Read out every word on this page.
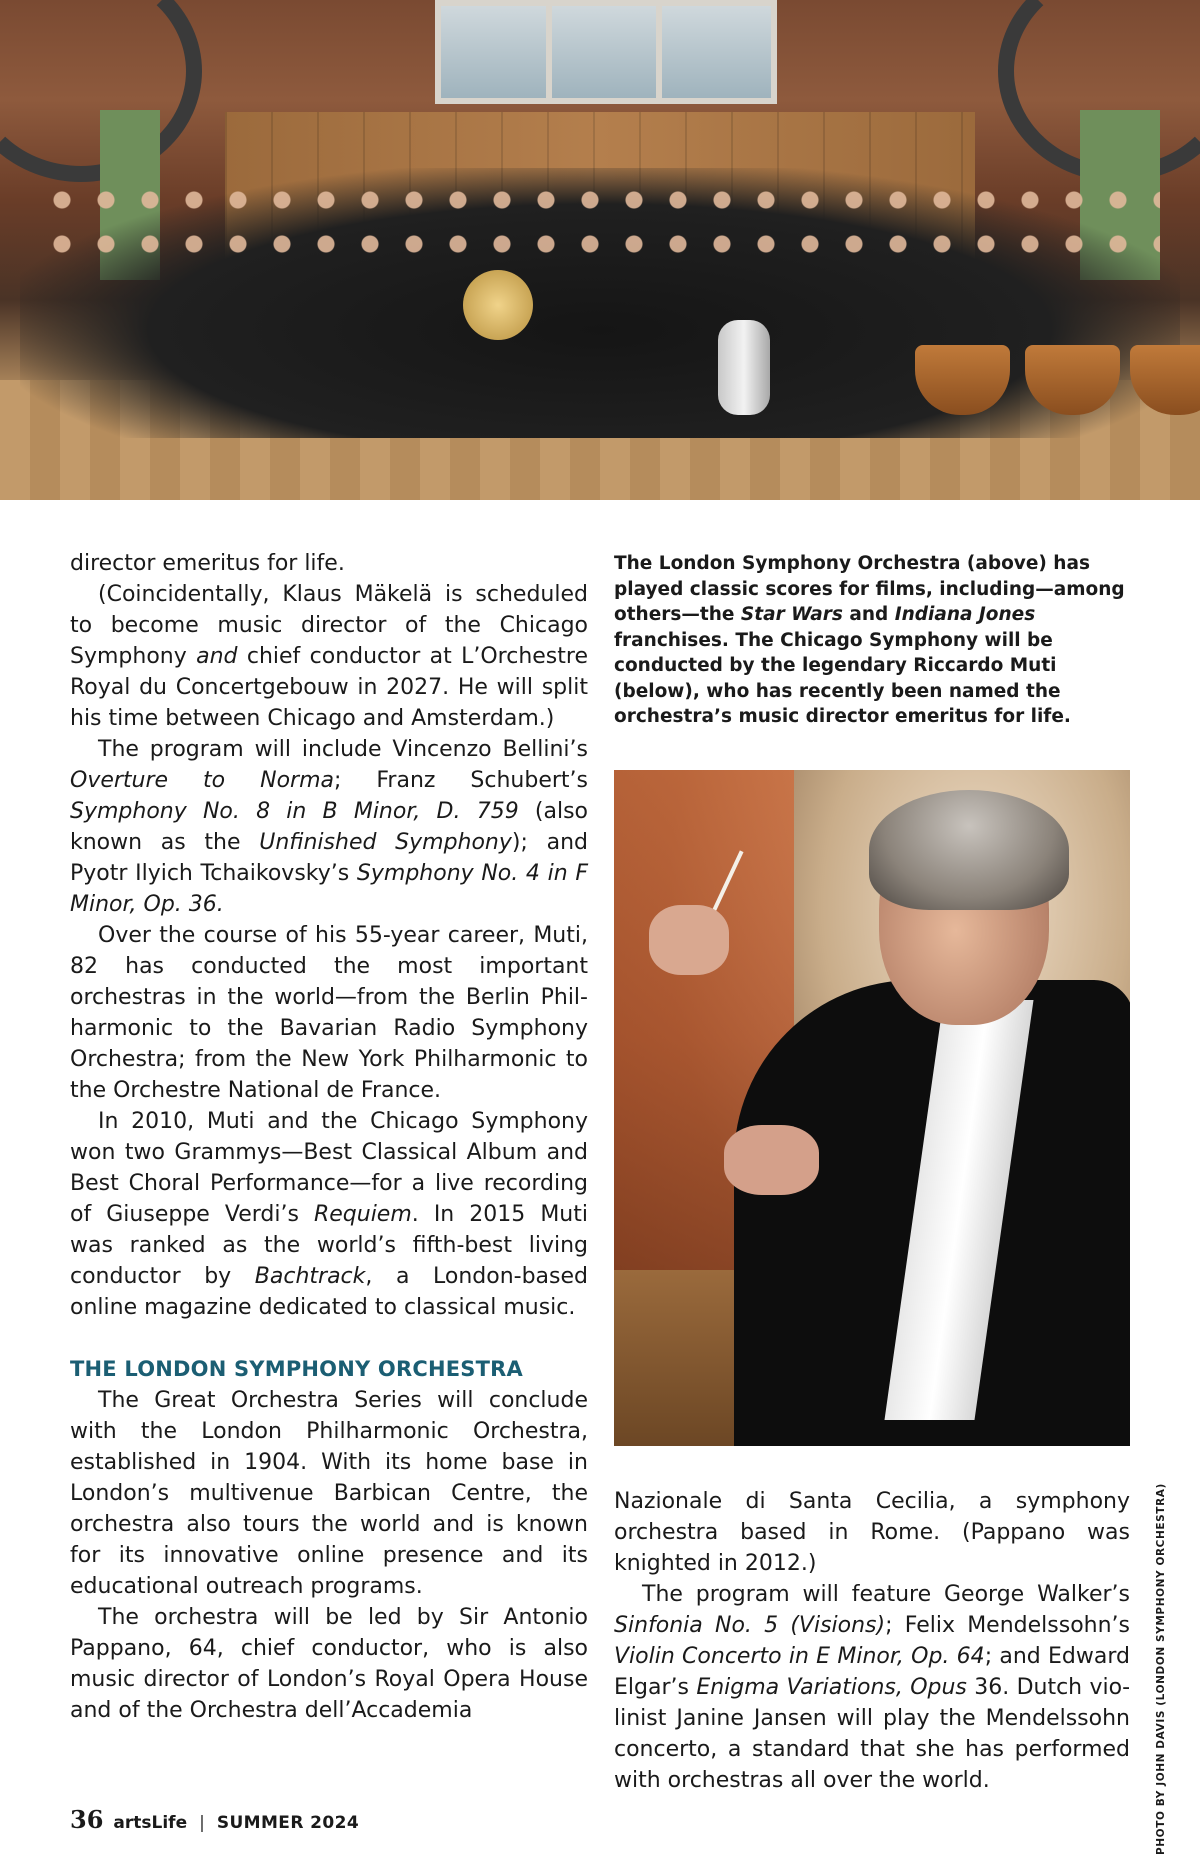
director emeritus for life.

(Coincidentally, Klaus Mäkelä is scheduled to become music director of the Chicago Symphony and chief conductor at L’Orchestre Royal du Concertgebouw in 2027. He will split his time between Chicago and Amsterdam.)

The program will include Vincenzo Bellini’s Overture to Norma; Franz Schubert’s Symphony No. 8 in B Minor, D. 759 (also known as the Unfinished Symphony); and Pyotr Ilyich Tchaikovsky’s Symphony No. 4 in F Minor, Op. 36.

Over the course of his 55-year career, Muti, 82 has conducted the most important orchestras in the world—from the Berlin Philharmonic to the Bavarian Radio Symphony Orchestra; from the New York Philharmonic to the Orchestre National de France.

In 2010, Muti and the Chicago Symphony won two Grammys—Best Classical Album and Best Choral Performance—for a live recording of Giuseppe Verdi’s Requiem. In 2015 Muti was ranked as the world’s fifth-best living conductor by Bachtrack, a London-based online magazine dedicated to classical music.

THE LONDON SYMPHONY ORCHESTRA

The Great Orchestra Series will conclude with the London Philharmonic Orchestra, established in 1904. With its home base in London’s multivenue Barbican Centre, the orchestra also tours the world and is known for its innovative online presence and its educational outreach programs.

The orchestra will be led by Sir Antonio Pappano, 64, chief conductor, who is also music director of London’s Royal Opera House and of the Orchestra dell’Accademia

The London Symphony Orchestra (above) has played classic scores for films, including—among others—the Star Wars and Indiana Jones franchises. The Chicago Symphony will be conducted by the legendary Riccardo Muti (below), who has recently been named the orchestra’s music director emeritus for life.

Nazionale di Santa Cecilia, a symphony orchestra based in Rome. (Pappano was knighted in 2012.)

The program will feature George Walker’s Sinfonia No. 5 (Visions); Felix Mendelssohn’s Violin Concerto in E Minor, Op. 64; and Edward Elgar’s Enigma Variations, Opus 36. Dutch violinist Janine Jansen will play the Mendelssohn concerto, a standard that she has performed with orchestras all over the world.	PHOTO BY JOHN DAVIS (LONDON SYMPHONY ORCHESTRA)
36 artsLife | SUMMER 2024
